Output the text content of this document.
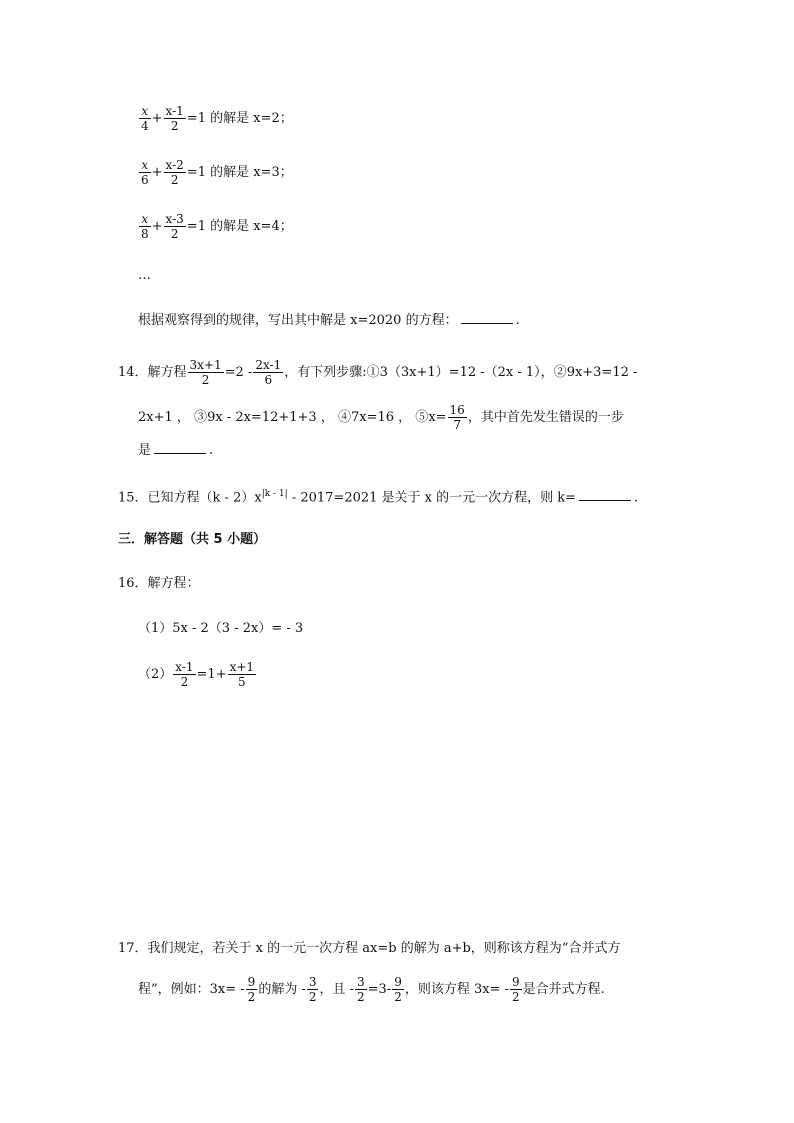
$\frac{x}{4} + \frac{x-1}{2} =1$ 的解是 x=2；
$\frac{x}{6} + \frac{x-2}{2} =1$ 的解是 x=3；
$\frac{x}{8} + \frac{x-3}{2} =1$ 的解是 x=4；
…
根据观察得到的规律，写出其中解是 x=2020 的方程：	.
14．解方程 $\frac{3x+1}{2} =2 - \frac{2x-1}{6}$ ，有下列步骤:①3（3x+1）=12 -（2x - 1），②9x+3=12 -
2x+1 ， ③9x - 2x=12+1+3 ， ④7x=16 ， ⑤x= $\frac{16}{7}$ ，其中首先发生错误的一步
是	.
15．已知方程$(k - 2)x^{|k - 1|} - 2017=2021$ 是关于 x 的一元一次方程，则 k=	.
三．解答题（共 5 小题）
16．解方程：
（1）5x - 2（3 - 2x）= - 3
$(2) \frac{x-1}{2} =1+ \frac{x+1}{5}$
17．我们规定，若关于 x 的一元一次方程 ax=b 的解为 a+b，则称该方程为“合并式方
程”，例如：$3x= - \frac{9}{2}$ 的解为 - $\frac{3}{2}$ ，且 - $\frac{3}{2} =3- \frac{9}{2}$ ，则该方程 $3x= - \frac{9}{2}$ 是合并式方程.
